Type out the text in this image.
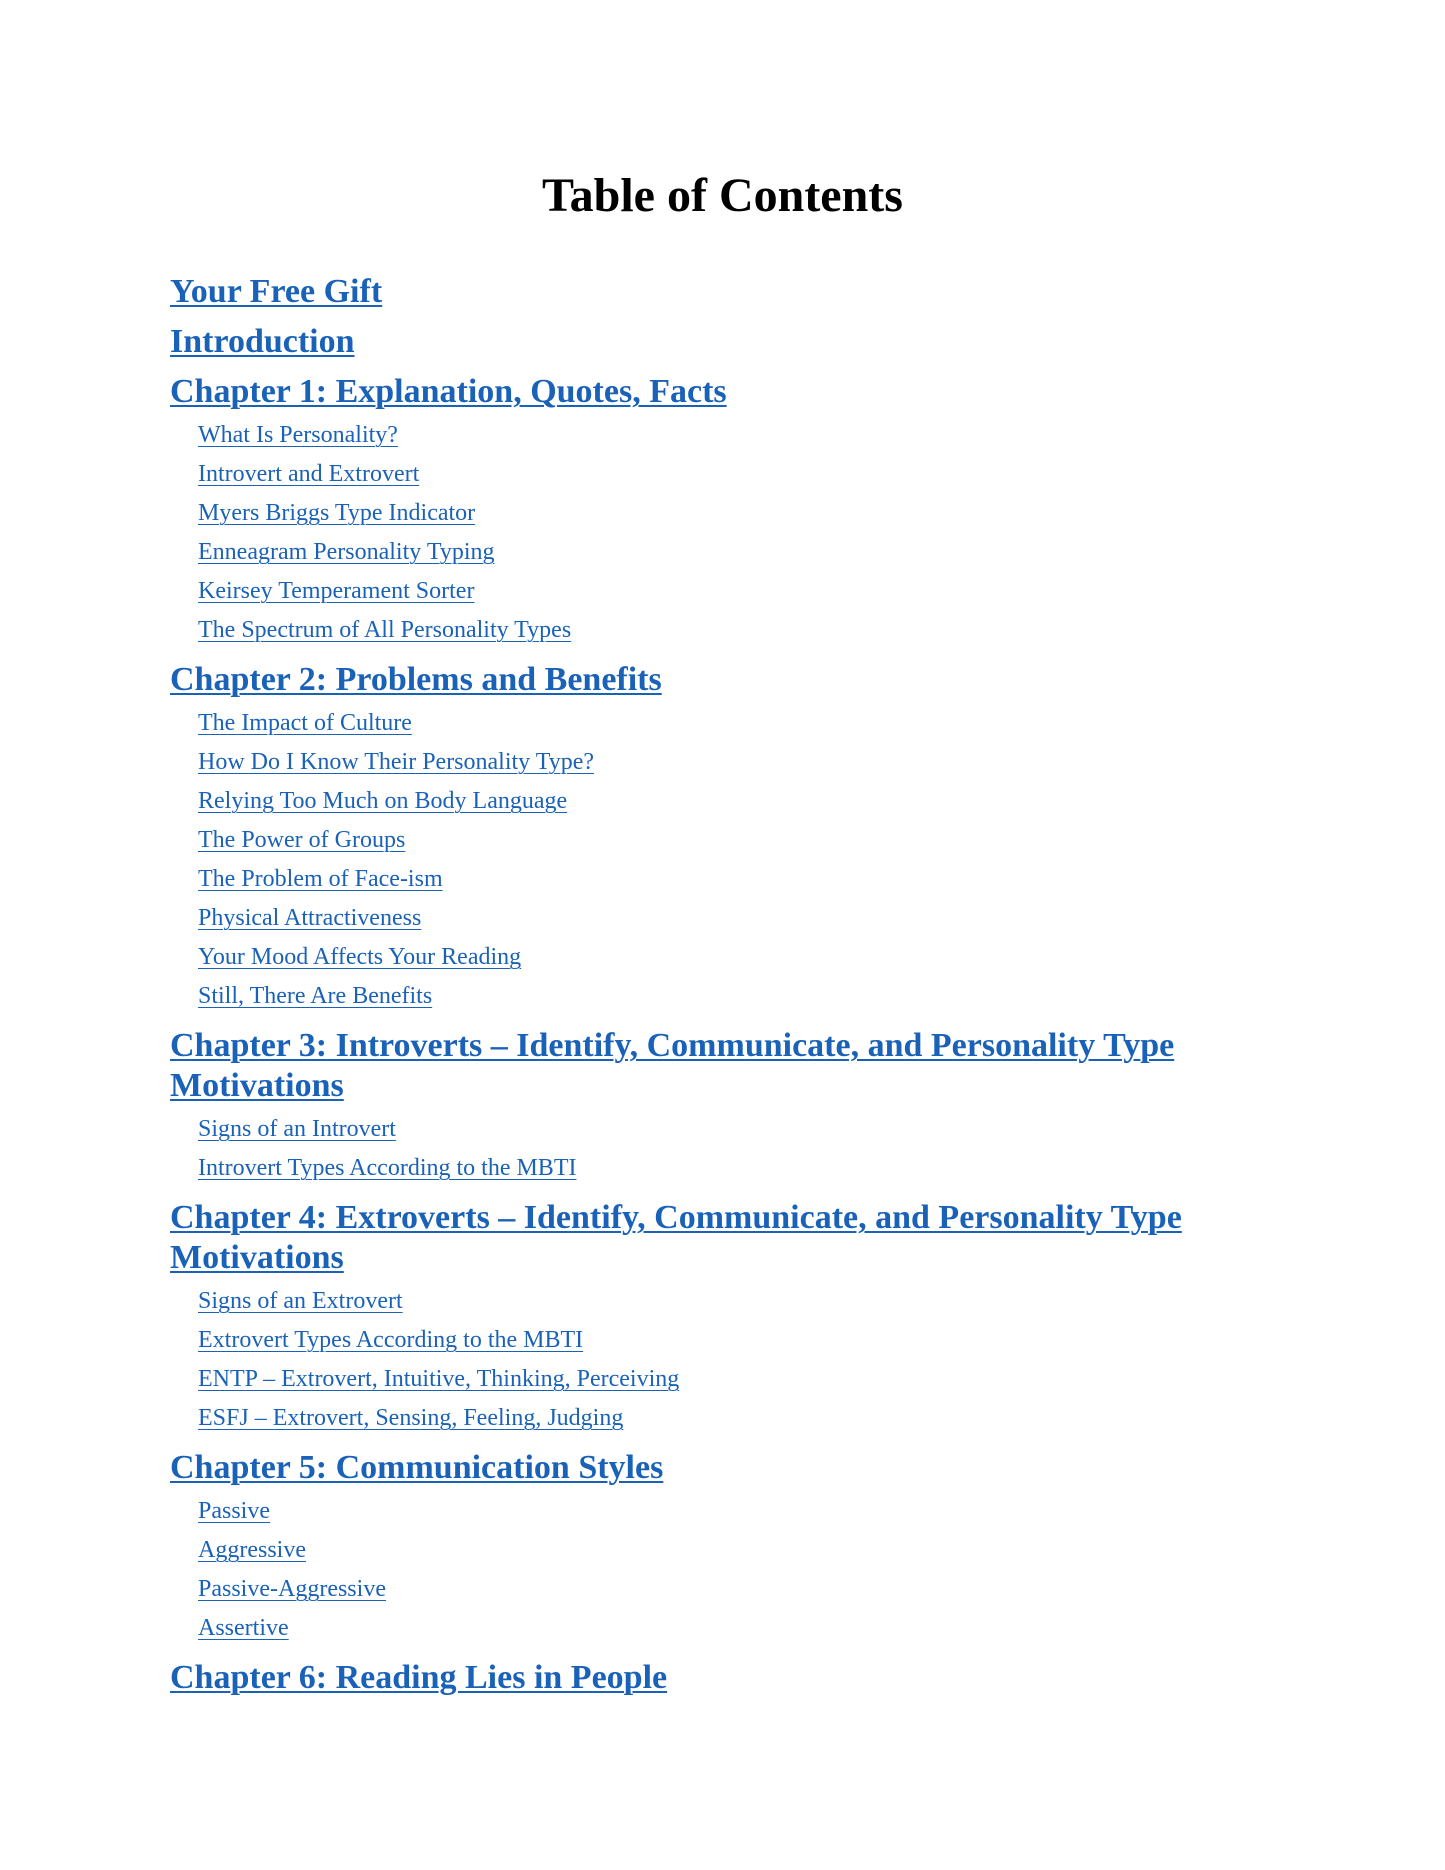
Table of Contents
Your Free Gift
Introduction
Chapter 1: Explanation, Quotes, Facts
What Is Personality?
Introvert and Extrovert
Myers Briggs Type Indicator
Enneagram Personality Typing
Keirsey Temperament Sorter
The Spectrum of All Personality Types
Chapter 2: Problems and Benefits
The Impact of Culture
How Do I Know Their Personality Type?
Relying Too Much on Body Language
The Power of Groups
The Problem of Face-ism
Physical Attractiveness
Your Mood Affects Your Reading
Still, There Are Benefits
Chapter 3: Introverts – Identify, Communicate, and Personality Type Motivations
Signs of an Introvert
Introvert Types According to the MBTI
Chapter 4: Extroverts – Identify, Communicate, and Personality Type Motivations
Signs of an Extrovert
Extrovert Types According to the MBTI
ENTP – Extrovert, Intuitive, Thinking, Perceiving
ESFJ – Extrovert, Sensing, Feeling, Judging
Chapter 5: Communication Styles
Passive
Aggressive
Passive-Aggressive
Assertive
Chapter 6: Reading Lies in People
